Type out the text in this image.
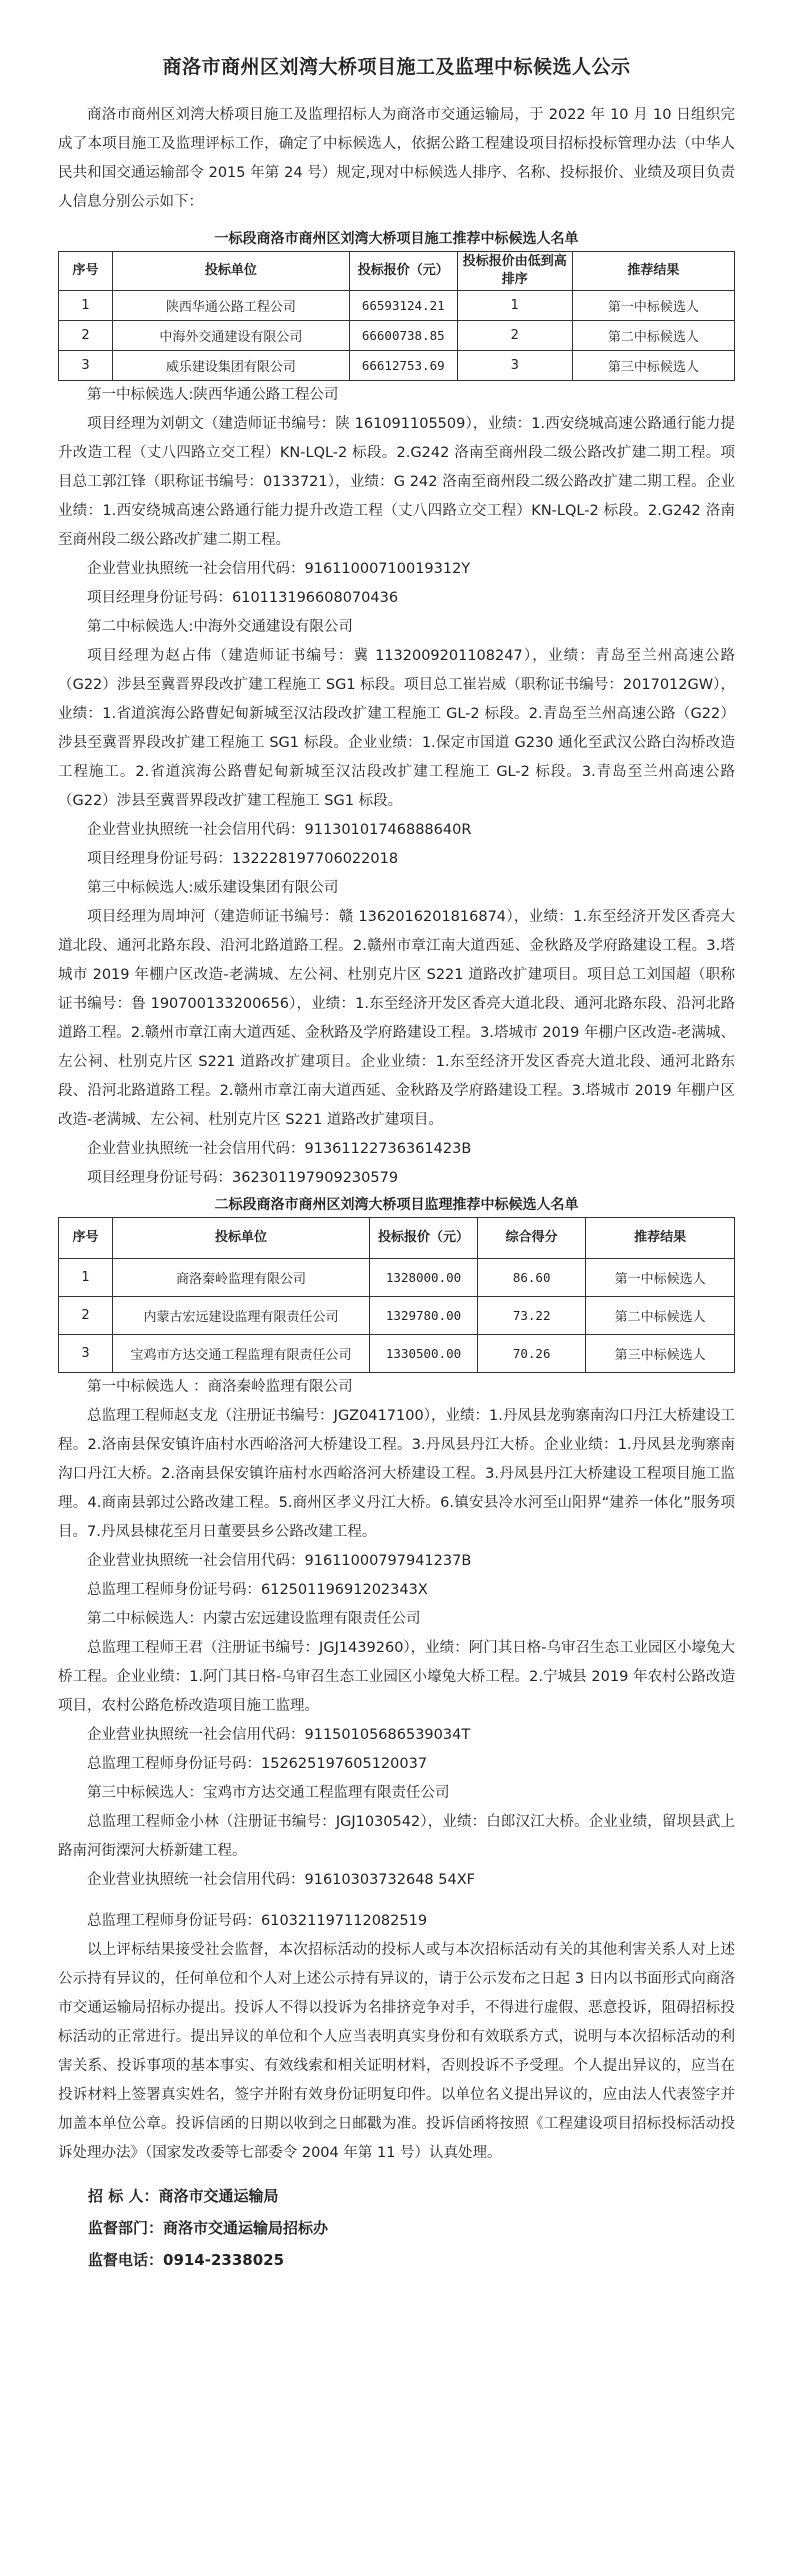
商洛市商州区刘湾大桥项目施工及监理中标候选人公示

商洛市商州区刘湾大桥项目施工及监理招标人为商洛市交通运输局，于 2022 年 10 月 10 日组织完成了本项目施工及监理评标工作，确定了中标候选人，依据公路工程建设项目招标投标管理办法（中华人民共和国交通运输部令 2015 年第 24 号）规定,现对中标候选人排序、名称、投标报价、业绩及项目负责人信息分别公示如下：

一标段商洛市商州区刘湾大桥项目施工推荐中标候选人名单

序号	投标单位	投标报价（元）	投标报价由低到高排序	推荐结果
1	陕西华通公路工程公司	66593124.21	1	第一中标候选人
2	中海外交通建设有限公司	66600738.85	2	第二中标候选人
3	威乐建设集团有限公司	66612753.69	3	第三中标候选人

第一中标候选人:陕西华通公路工程公司

项目经理为刘朝文（建造师证书编号：陕 161091105509），业绩：1.西安绕城高速公路通行能力提升改造工程（丈八四路立交工程）KN-LQL-2 标段。2.G242 洛南至商州段二级公路改扩建二期工程。项目总工郭江锋（职称证书编号：0133721），业绩：G 242 洛南至商州段二级公路改扩建二期工程。企业业绩：1.西安绕城高速公路通行能力提升改造工程（丈八四路立交工程）KN-LQL-2 标段。2.G242 洛南至商州段二级公路改扩建二期工程。

企业营业执照统一社会信用代码：91611000710019312Y

项目经理身份证号码：610113196608070436

第二中标候选人:中海外交通建设有限公司

项目经理为赵占伟（建造师证书编号：冀 1132009201108247），业绩：青岛至兰州高速公路（G22）涉县至冀晋界段改扩建工程施工 SG1 标段。项目总工崔岩威（职称证书编号：2017012GW），业绩：1.省道滨海公路曹妃甸新城至汉沽段改扩建工程施工 GL-2 标段。2.青岛至兰州高速公路（G22）涉县至冀晋界段改扩建工程施工 SG1 标段。企业业绩：1.保定市国道 G230 通化至武汉公路白沟桥改造工程施工。2.省道滨海公路曹妃甸新城至汉沽段改扩建工程施工 GL-2 标段。3.青岛至兰州高速公路（G22）涉县至冀晋界段改扩建工程施工 SG1 标段。

企业营业执照统一社会信用代码：91130101746888640R

项目经理身份证号码：132228197706022018

第三中标候选人:威乐建设集团有限公司

项目经理为周坤河（建造师证书编号：赣 1362016201816874），业绩：1.东至经济开发区香亮大道北段、通河北路东段、沿河北路道路工程。2.赣州市章江南大道西延、金秋路及学府路建设工程。3.塔城市 2019 年棚户区改造-老满城、左公祠、杜别克片区 S221 道路改扩建项目。项目总工刘国超（职称证书编号：鲁 190700133200656），业绩：1.东至经济开发区香亮大道北段、通河北路东段、沿河北路道路工程。2.赣州市章江南大道西延、金秋路及学府路建设工程。3.塔城市 2019 年棚户区改造-老满城、左公祠、杜别克片区 S221 道路改扩建项目。企业业绩：1.东至经济开发区香亮大道北段、通河北路东段、沿河北路道路工程。2.赣州市章江南大道西延、金秋路及学府路建设工程。3.塔城市 2019 年棚户区改造-老满城、左公祠、杜别克片区 S221 道路改扩建项目。

企业营业执照统一社会信用代码：91361122736361423B

项目经理身份证号码：362301197909230579

二标段商洛市商州区刘湾大桥项目监理推荐中标候选人名单

序号	投标单位	投标报价（元）	综合得分	推荐结果
1	商洛秦岭监理有限公司	1328000.00	86.60	第一中标候选人
2	内蒙古宏远建设监理有限责任公司	1329780.00	73.22	第二中标候选人
3	宝鸡市方达交通工程监理有限责任公司	1330500.00	70.26	第三中标候选人

第一中标候选人 ：商洛秦岭监理有限公司

总监理工程师赵支龙（注册证书编号：JGZ0417100），业绩：1.丹凤县龙驹寨南沟口丹江大桥建设工程。2.洛南县保安镇许庙村水西峪洛河大桥建设工程。3.丹凤县丹江大桥。企业业绩：1.丹凤县龙驹寨南沟口丹江大桥。2.洛南县保安镇许庙村水西峪洛河大桥建设工程。3.丹凤县丹江大桥建设工程项目施工监理。4.商南县郭过公路改建工程。5.商州区孝义丹江大桥。6.镇安县冷水河至山阳界“建养一体化”服务项目。7.丹凤县棣花至月日董要县乡公路改建工程。

企业营业执照统一社会信用代码：91611000797941237B

总监理工程师身份证号码：61250119691202343X

第二中标候选人：内蒙古宏远建设监理有限责任公司

总监理工程师王君（注册证书编号：JGJ1439260），业绩：阿门其日格-乌审召生态工业园区小壕兔大桥工程。企业业绩：1.阿门其日格-乌审召生态工业园区小壕兔大桥工程。2.宁城县 2019 年农村公路改造项目，农村公路危桥改造项目施工监理。

企业营业执照统一社会信用代码：91150105686539034T

总监理工程师身份证号码：152625197605120037

第三中标候选人：宝鸡市方达交通工程监理有限责任公司

总监理工程师金小林（注册证书编号：JGJ1030542），业绩：白郎汉江大桥。企业业绩，留坝县武上路南河街溧河大桥新建工程。

企业营业执照统一社会信用代码：91610303732648 54XF

总监理工程师身份证号码：610321197112082519

以上评标结果接受社会监督，本次招标活动的投标人或与本次招标活动有关的其他利害关系人对上述公示持有异议的，任何单位和个人对上述公示持有异议的，请于公示发布之日起 3 日内以书面形式向商洛市交通运输局招标办提出。投诉人不得以投诉为名排挤竞争对手，不得进行虚假、恶意投诉，阻碍招标投标活动的正常进行。提出异议的单位和个人应当表明真实身份和有效联系方式，说明与本次招标活动的利害关系、投诉事项的基本事实、有效线索和相关证明材料，否则投诉不予受理。个人提出异议的，应当在投诉材料上签署真实姓名，签字并附有效身份证明复印件。以单位名义提出异议的，应由法人代表签字并加盖本单位公章。投诉信函的日期以收到之日邮戳为准。投诉信函将按照《工程建设项目招标投标活动投诉处理办法》（国家发改委等七部委令 2004 年第 11 号）认真处理。

招 标 人：商洛市交通运输局

监督部门：商洛市交通运输局招标办

监督电话：0914-2338025
